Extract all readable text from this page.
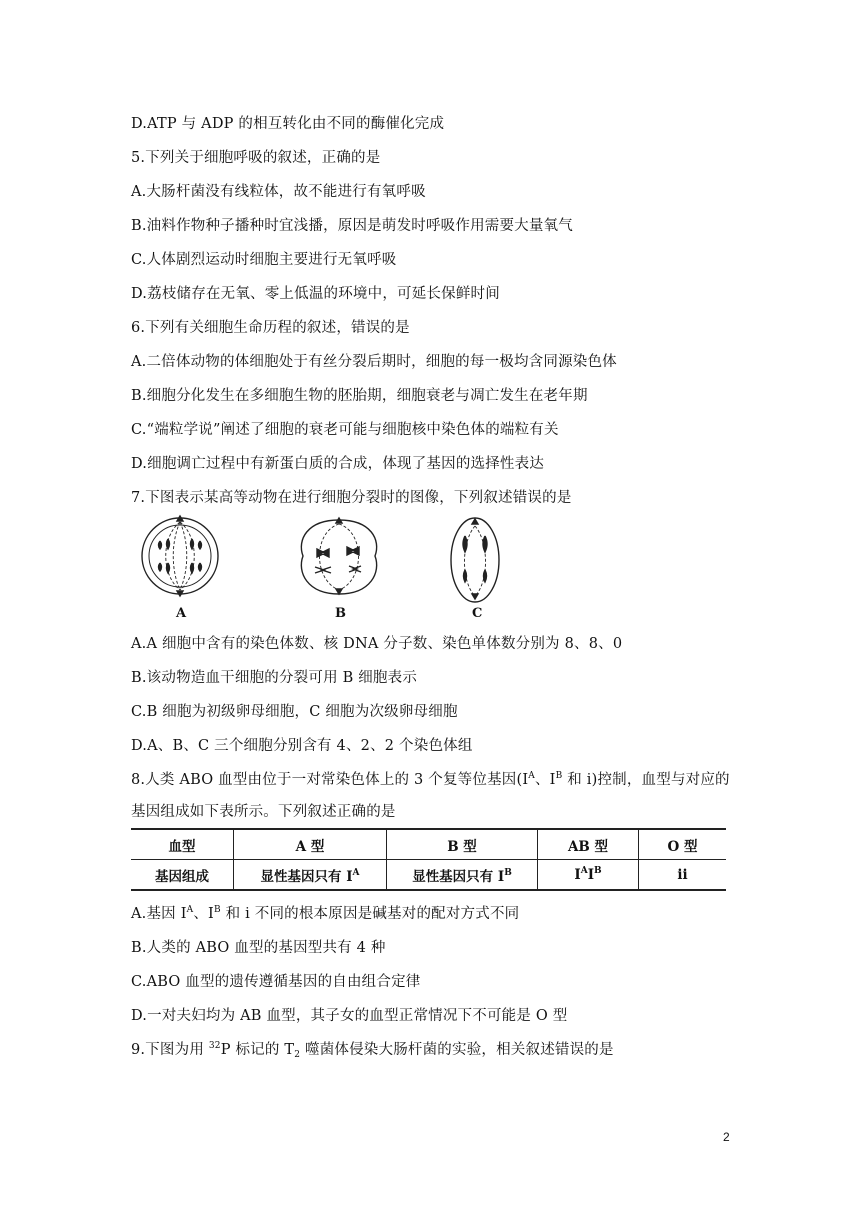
D.ATP 与 ADP 的相互转化由不同的酶催化完成
5.下列关于细胞呼吸的叙述，正确的是
A.大肠杆菌没有线粒体，故不能进行有氧呼吸
B.油料作物种子播种时宜浅播，原因是萌发时呼吸作用需要大量氧气
C.人体剧烈运动时细胞主要进行无氧呼吸
D.荔枝储存在无氧、零上低温的环境中，可延长保鲜时间
6.下列有关细胞生命历程的叙述，错误的是
A.二倍体动物的体细胞处于有丝分裂后期时，细胞的每一极均含同源染色体
B.细胞分化发生在多细胞生物的胚胎期，细胞衰老与凋亡发生在老年期
C.“端粒学说”阐述了细胞的衰老可能与细胞核中染色体的端粒有关
D.细胞调亡过程中有新蛋白质的合成，体现了基因的选择性表达
7.下图表示某高等动物在进行细胞分裂时的图像，下列叙述错误的是
A	B	C
A.A 细胞中含有的染色体数、核 DNA 分子数、染色单体数分别为 8、8、0
B.该动物造血干细胞的分裂可用 B 细胞表示
C.B 细胞为初级卵母细胞，C 细胞为次级卵母细胞
D.A、B、C 三个细胞分别含有 4、2、2 个染色体组
8.人类 ABO 血型由位于一对常染色体上的 3 个复等位基因($I^A$、$I^B$ 和 i)控制，血型与对应的
基因组成如下表所示。下列叙述正确的是
血型	A 型	B 型	AB 型	O 型
基因组成	显性基因只有 $I^A$	显性基因只有 $I^B$	$I^AI^B$	ii
A.基因 $I^A$、$I^B$ 和 i 不同的根本原因是碱基对的配对方式不同
B.人类的 ABO 血型的基因型共有 4 种
C.ABO 血型的遗传遵循基因的自由组合定律
D.一对夫妇均为 AB 血型，其子女的血型正常情况下不可能是 O 型
9.下图为用 $^{32}$P 标记的 $T_2$ 噬菌体侵染大肠杆菌的实验，相关叙述错误的是
2
